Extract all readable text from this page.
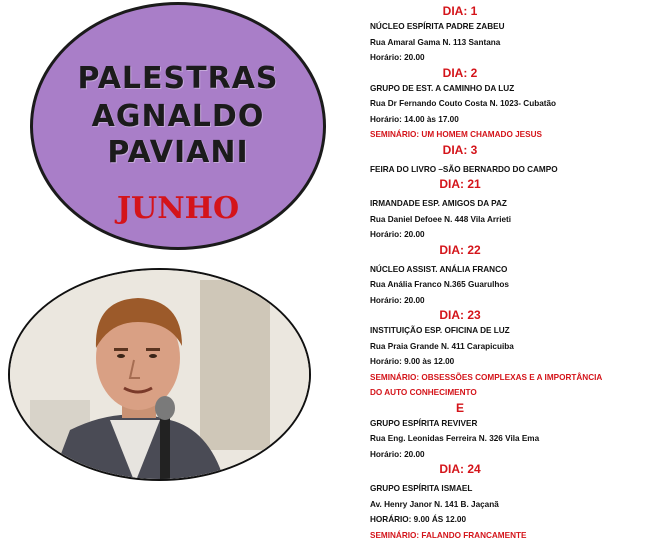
PALESTRAS
AGNALDO
PAVIANI
JUNHO
DIA: 1
NÚCLEO ESPÍRITA PADRE ZABEU
Rua Amaral Gama N. 113 Santana
Horário: 20.00
DIA: 2
GRUPO DE EST. A CAMINHO DA LUZ
Rua Dr Fernando Couto Costa N. 1023- Cubatão
Horário: 14.00 às 17.00
SEMINÁRIO: UM HOMEM CHAMADO JESUS
DIA: 3
FEIRA DO LIVRO –SÃO BERNARDO DO CAMPO
DIA: 21
IRMANDADE ESP. AMIGOS DA PAZ
Rua Daniel Defoee N. 448 Vila Arrieti
Horário: 20.00
DIA: 22
NÚCLEO ASSIST. ANÁLIA FRANCO
Rua Anália Franco N.365 Guarulhos
Horário: 20.00
DIA: 23
INSTITUIÇÃO ESP. OFICINA DE LUZ
Rua Praia Grande N. 411 Carapicuiba
Horário: 9.00 às 12.00
SEMINÁRIO: OBSESSÕES COMPLEXAS E A IMPORTÂNCIA
DO AUTO CONHECIMENTO
E
GRUPO ESPÍRITA REVIVER
Rua Eng. Leonidas Ferreira N. 326 Vila Ema
Horário: 20.00
DIA: 24
GRUPO ESPÍRITA ISMAEL
Av. Henry Janor N. 141 B. Jaçanã
HORÁRIO: 9.00 ÁS 12.00
SEMINÁRIO: FALANDO FRANCAMENTE
